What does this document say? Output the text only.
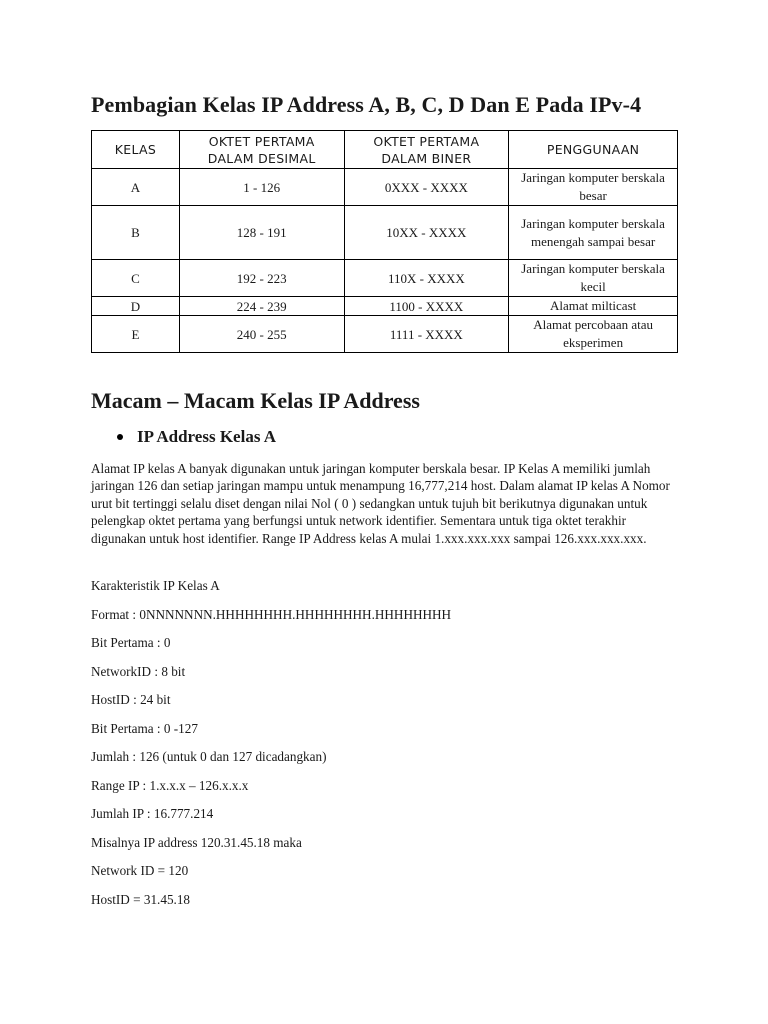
Pembagian Kelas IP Address A, B, C, D Dan E Pada IPv-4
KELAS	OKTET PERTAMA DALAM DESIMAL	OKTET PERTAMA DALAM BINER	PENGGUNAAN
A	1 - 126	0XXX - XXXX	Jaringan komputer berskala besar
B	128 - 191	10XX - XXXX	Jaringan komputer berskala menengah sampai besar
C	192 - 223	110X - XXXX	Jaringan komputer berskala kecil
D	224 - 239	1100 - XXXX	Alamat milticast
E	240 - 255	1111 - XXXX	Alamat percobaan atau eksperimen
Macam – Macam Kelas IP Address
IP Address Kelas A

Alamat IP kelas A banyak digunakan untuk jaringan komputer berskala besar. IP Kelas A memiliki jumlah jaringan 126 dan setiap jaringan mampu untuk menampung 16,777,214 host. Dalam alamat IP kelas A Nomor urut bit tertinggi selalu diset dengan nilai Nol ( 0 ) sedangkan untuk tujuh bit berikutnya digunakan untuk pelengkap oktet pertama yang berfungsi untuk network identifier. Sementara untuk tiga oktet terakhir digunakan untuk host identifier. Range IP Address kelas A mulai 1.xxx.xxx.xxx sampai 126.xxx.xxx.xxx.

Karakteristik IP Kelas A
Format : 0NNNNNNN.HHHHHHHH.HHHHHHHH.HHHHHHHH
Bit Pertama : 0
NetworkID : 8 bit
HostID : 24 bit
Bit Pertama : 0 -127
Jumlah : 126 (untuk 0 dan 127 dicadangkan)
Range IP : 1.x.x.x – 126.x.x.x
Jumlah IP : 16.777.214
Misalnya IP address 120.31.45.18 maka
Network ID = 120
HostID = 31.45.18
